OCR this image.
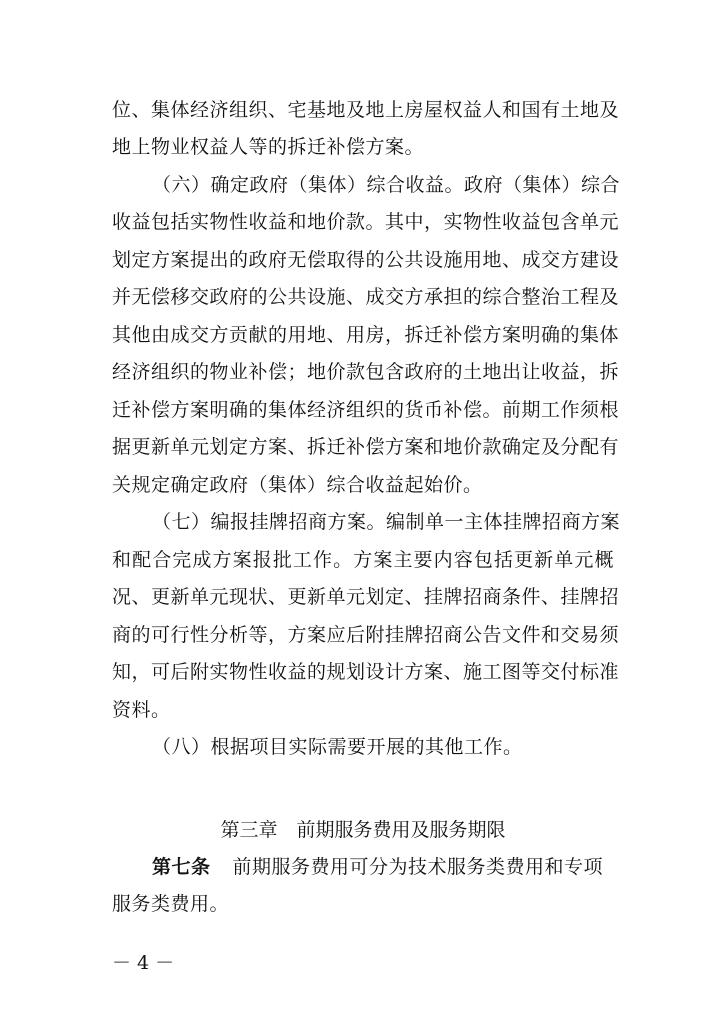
位、集体经济组织、宅基地及地上房屋权益人和国有土地及
地上物业权益人等的拆迁补偿方案。
（六）确定政府（集体）综合收益。政府（集体）综合
收益包括实物性收益和地价款。其中，实物性收益包含单元
划定方案提出的政府无偿取得的公共设施用地、成交方建设
并无偿移交政府的公共设施、成交方承担的综合整治工程及
其他由成交方贡献的用地、用房，拆迁补偿方案明确的集体
经济组织的物业补偿；地价款包含政府的土地出让收益，拆
迁补偿方案明确的集体经济组织的货币补偿。前期工作须根
据更新单元划定方案、拆迁补偿方案和地价款确定及分配有
关规定确定政府（集体）综合收益起始价。
（七）编报挂牌招商方案。编制单一主体挂牌招商方案
和配合完成方案报批工作。方案主要内容包括更新单元概
况、更新单元现状、更新单元划定、挂牌招商条件、挂牌招
商的可行性分析等，方案应后附挂牌招商公告文件和交易须
知，可后附实物性收益的规划设计方案、施工图等交付标准
资料。
（八）根据项目实际需要开展的其他工作。
第三章　前期服务费用及服务期限
第七条 前期服务费用可分为技术服务类费用和专项
服务类费用。
－ 4 －
